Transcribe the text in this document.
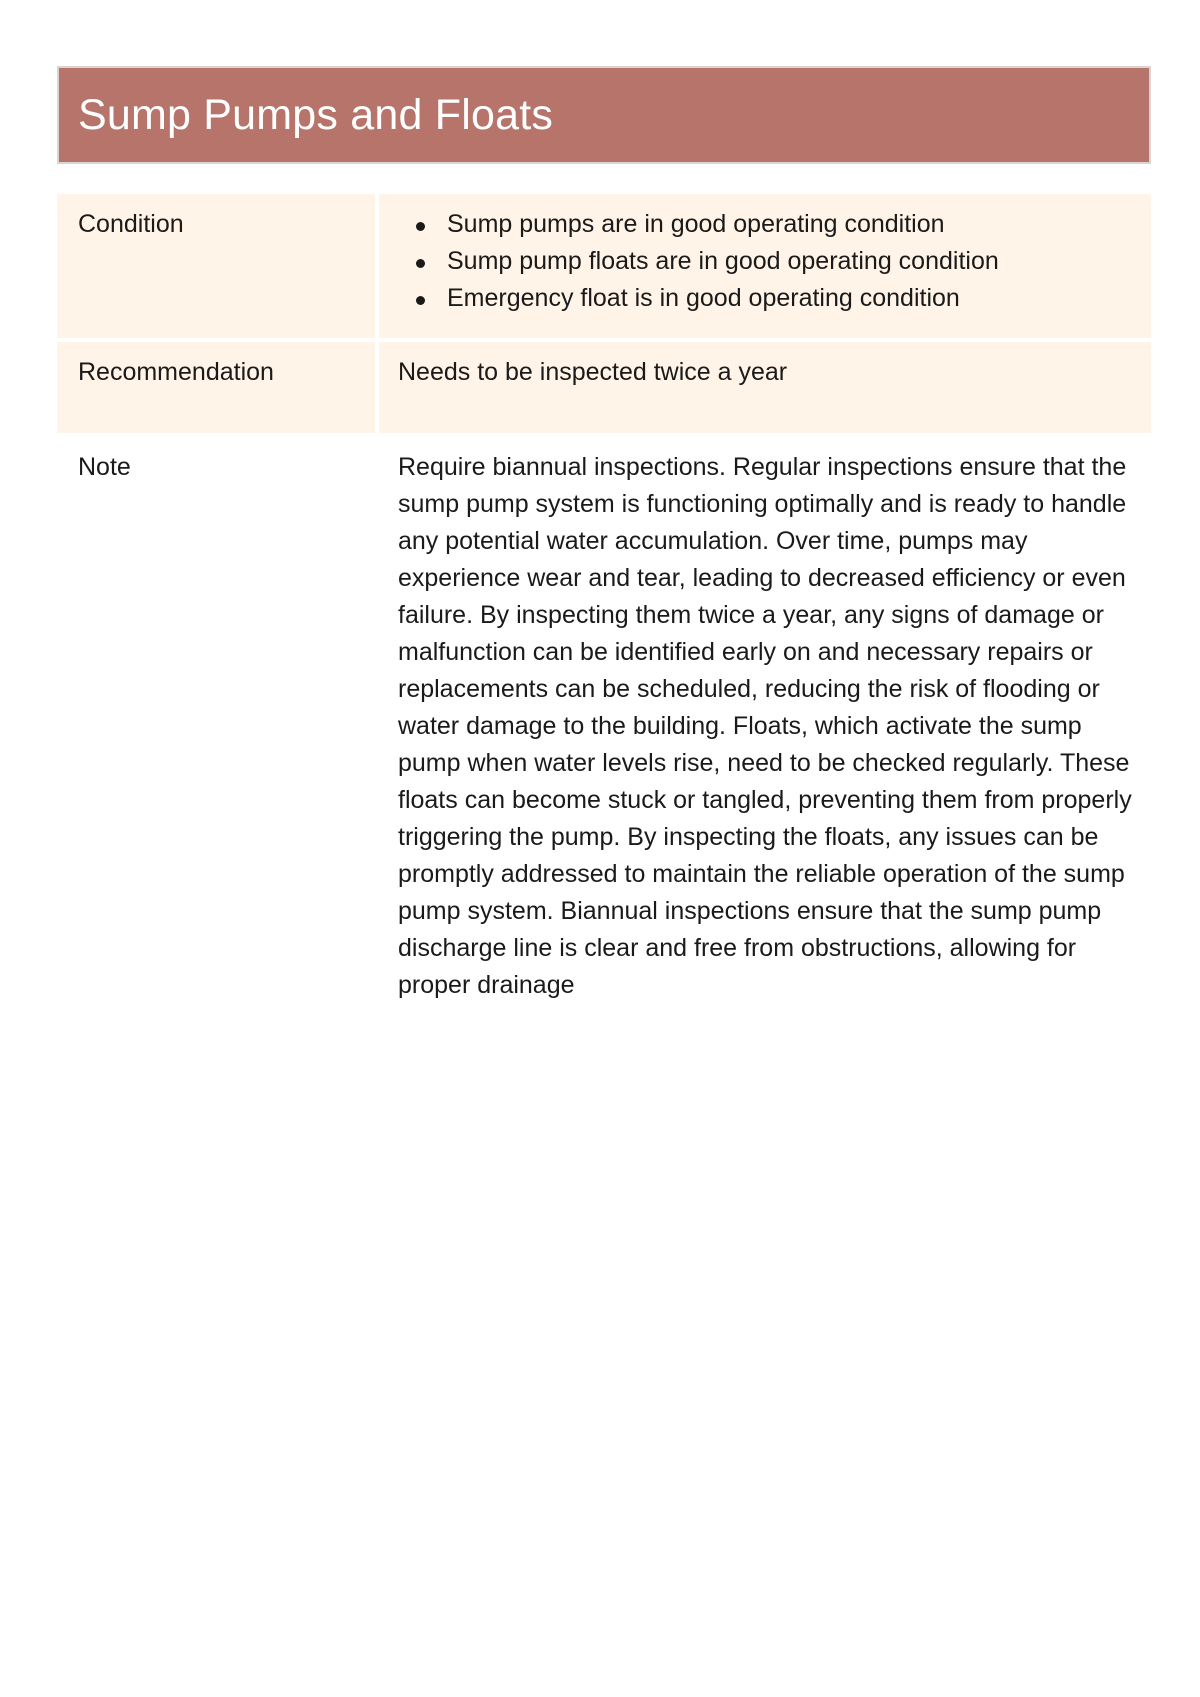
Sump Pumps and Floats
Condition	Sump pumps are in good operating condition
Sump pump floats are in good operating condition
Emergency float is in good operating condition
Recommendation	Needs to be inspected twice a year
Note	Require biannual inspections. Regular inspections ensure that the sump pump system is functioning optimally and is ready to handle any potential water accumulation. Over time, pumps may experience wear and tear, leading to decreased efficiency or even failure. By inspecting them twice a year, any signs of damage or malfunction can be identified early on and necessary repairs or replacements can be scheduled, reducing the risk of flooding or water damage to the building. Floats, which activate the sump pump when water levels rise, need to be checked regularly. These floats can become stuck or tangled, preventing them from properly triggering the pump. By inspecting the floats, any issues can be promptly addressed to maintain the reliable operation of the sump pump system. Biannual inspections ensure that the sump pump discharge line is clear and free from obstructions, allowing for proper drainage
